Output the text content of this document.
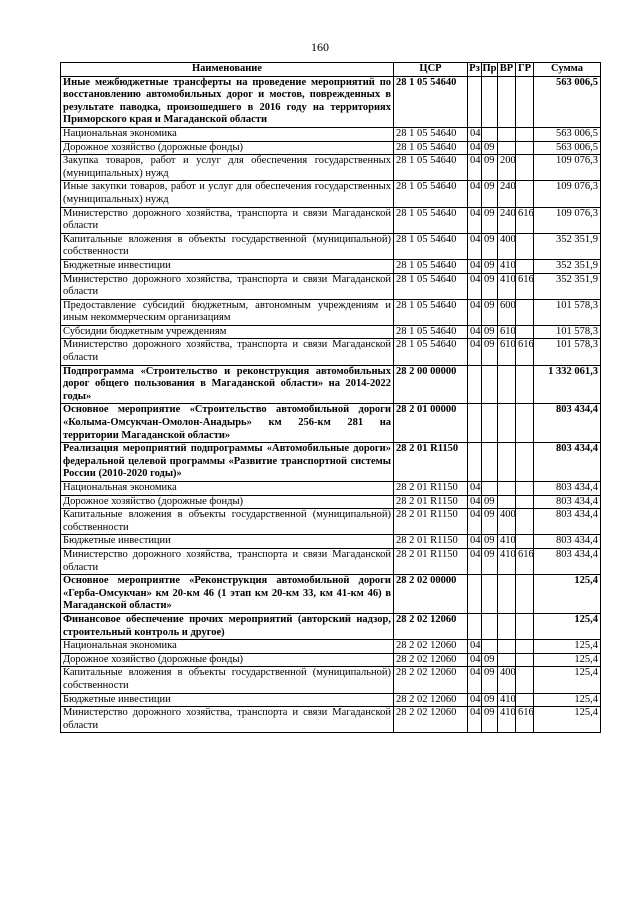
160
Наименование	ЦСР	Рз	Пр	ВР	ГР	Сумма
Иные межбюджетные трансферты на проведение мероприятий по восстановлению автомобильных дорог и мостов, поврежденных в результате паводка, произошедшего в 2016 году на территориях Приморского края и Магаданской области	28 1 05 54640					563 006,5
Национальная экономика	28 1 05 54640	04				563 006,5
Дорожное хозяйство (дорожные фонды)	28 1 05 54640	04	09			563 006,5
Закупка товаров, работ и услуг для обеспечения государственных (муниципальных) нужд	28 1 05 54640	04	09	200		109 076,3
Иные закупки товаров, работ и услуг для обеспечения государственных (муниципальных) нужд	28 1 05 54640	04	09	240		109 076,3
Министерство дорожного хозяйства, транспорта и связи Магаданской области	28 1 05 54640	04	09	240	616	109 076,3
Капитальные вложения в объекты государственной (муниципальной) собственности	28 1 05 54640	04	09	400		352 351,9
Бюджетные инвестиции	28 1 05 54640	04	09	410		352 351,9
Министерство дорожного хозяйства, транспорта и связи Магаданской области	28 1 05 54640	04	09	410	616	352 351,9
Предоставление субсидий бюджетным, автономным учреждениям и иным некоммерческим организациям	28 1 05 54640	04	09	600		101 578,3
Субсидии бюджетным учреждениям	28 1 05 54640	04	09	610		101 578,3
Министерство дорожного хозяйства, транспорта и связи Магаданской области	28 1 05 54640	04	09	610	616	101 578,3
Подпрограмма «Строительство и реконструкция автомобильных дорог общего пользования в Магаданской области» на 2014-2022 годы»	28 2 00 00000					1 332 061,3
Основное мероприятие «Строительство автомобильной дороги «Колыма-Омсукчан-Омолон-Анадырь» км 256-км 281 на территории Магаданской области»	28 2 01 00000					803 434,4
Реализация мероприятий подпрограммы «Автомобильные дороги» федеральной целевой программы «Развитие транспортной системы России (2010-2020 годы)»	28 2 01 R1150					803 434,4
Национальная экономика	28 2 01 R1150	04				803 434,4
Дорожное хозяйство (дорожные фонды)	28 2 01 R1150	04	09			803 434,4
Капитальные вложения в объекты государственной (муниципальной) собственности	28 2 01 R1150	04	09	400		803 434,4
Бюджетные инвестиции	28 2 01 R1150	04	09	410		803 434,4
Министерство дорожного хозяйства, транспорта и связи Магаданской области	28 2 01 R1150	04	09	410	616	803 434,4
Основное мероприятие «Реконструкция автомобильной дороги «Герба-Омсукчан» км 20-км 46 (1 этап км 20-км 33, км 41-км 46) в Магаданской области»	28 2 02 00000					125,4
Финансовое обеспечение прочих мероприятий (авторский надзор, строительный контроль и другое)	28 2 02 12060					125,4
Национальная экономика	28 2 02 12060	04				125,4
Дорожное хозяйство (дорожные фонды)	28 2 02 12060	04	09			125,4
Капитальные вложения в объекты государственной (муниципальной) собственности	28 2 02 12060	04	09	400		125,4
Бюджетные инвестиции	28 2 02 12060	04	09	410		125,4
Министерство дорожного хозяйства, транспорта и связи Магаданской области	28 2 02 12060	04	09	410	616	125,4
